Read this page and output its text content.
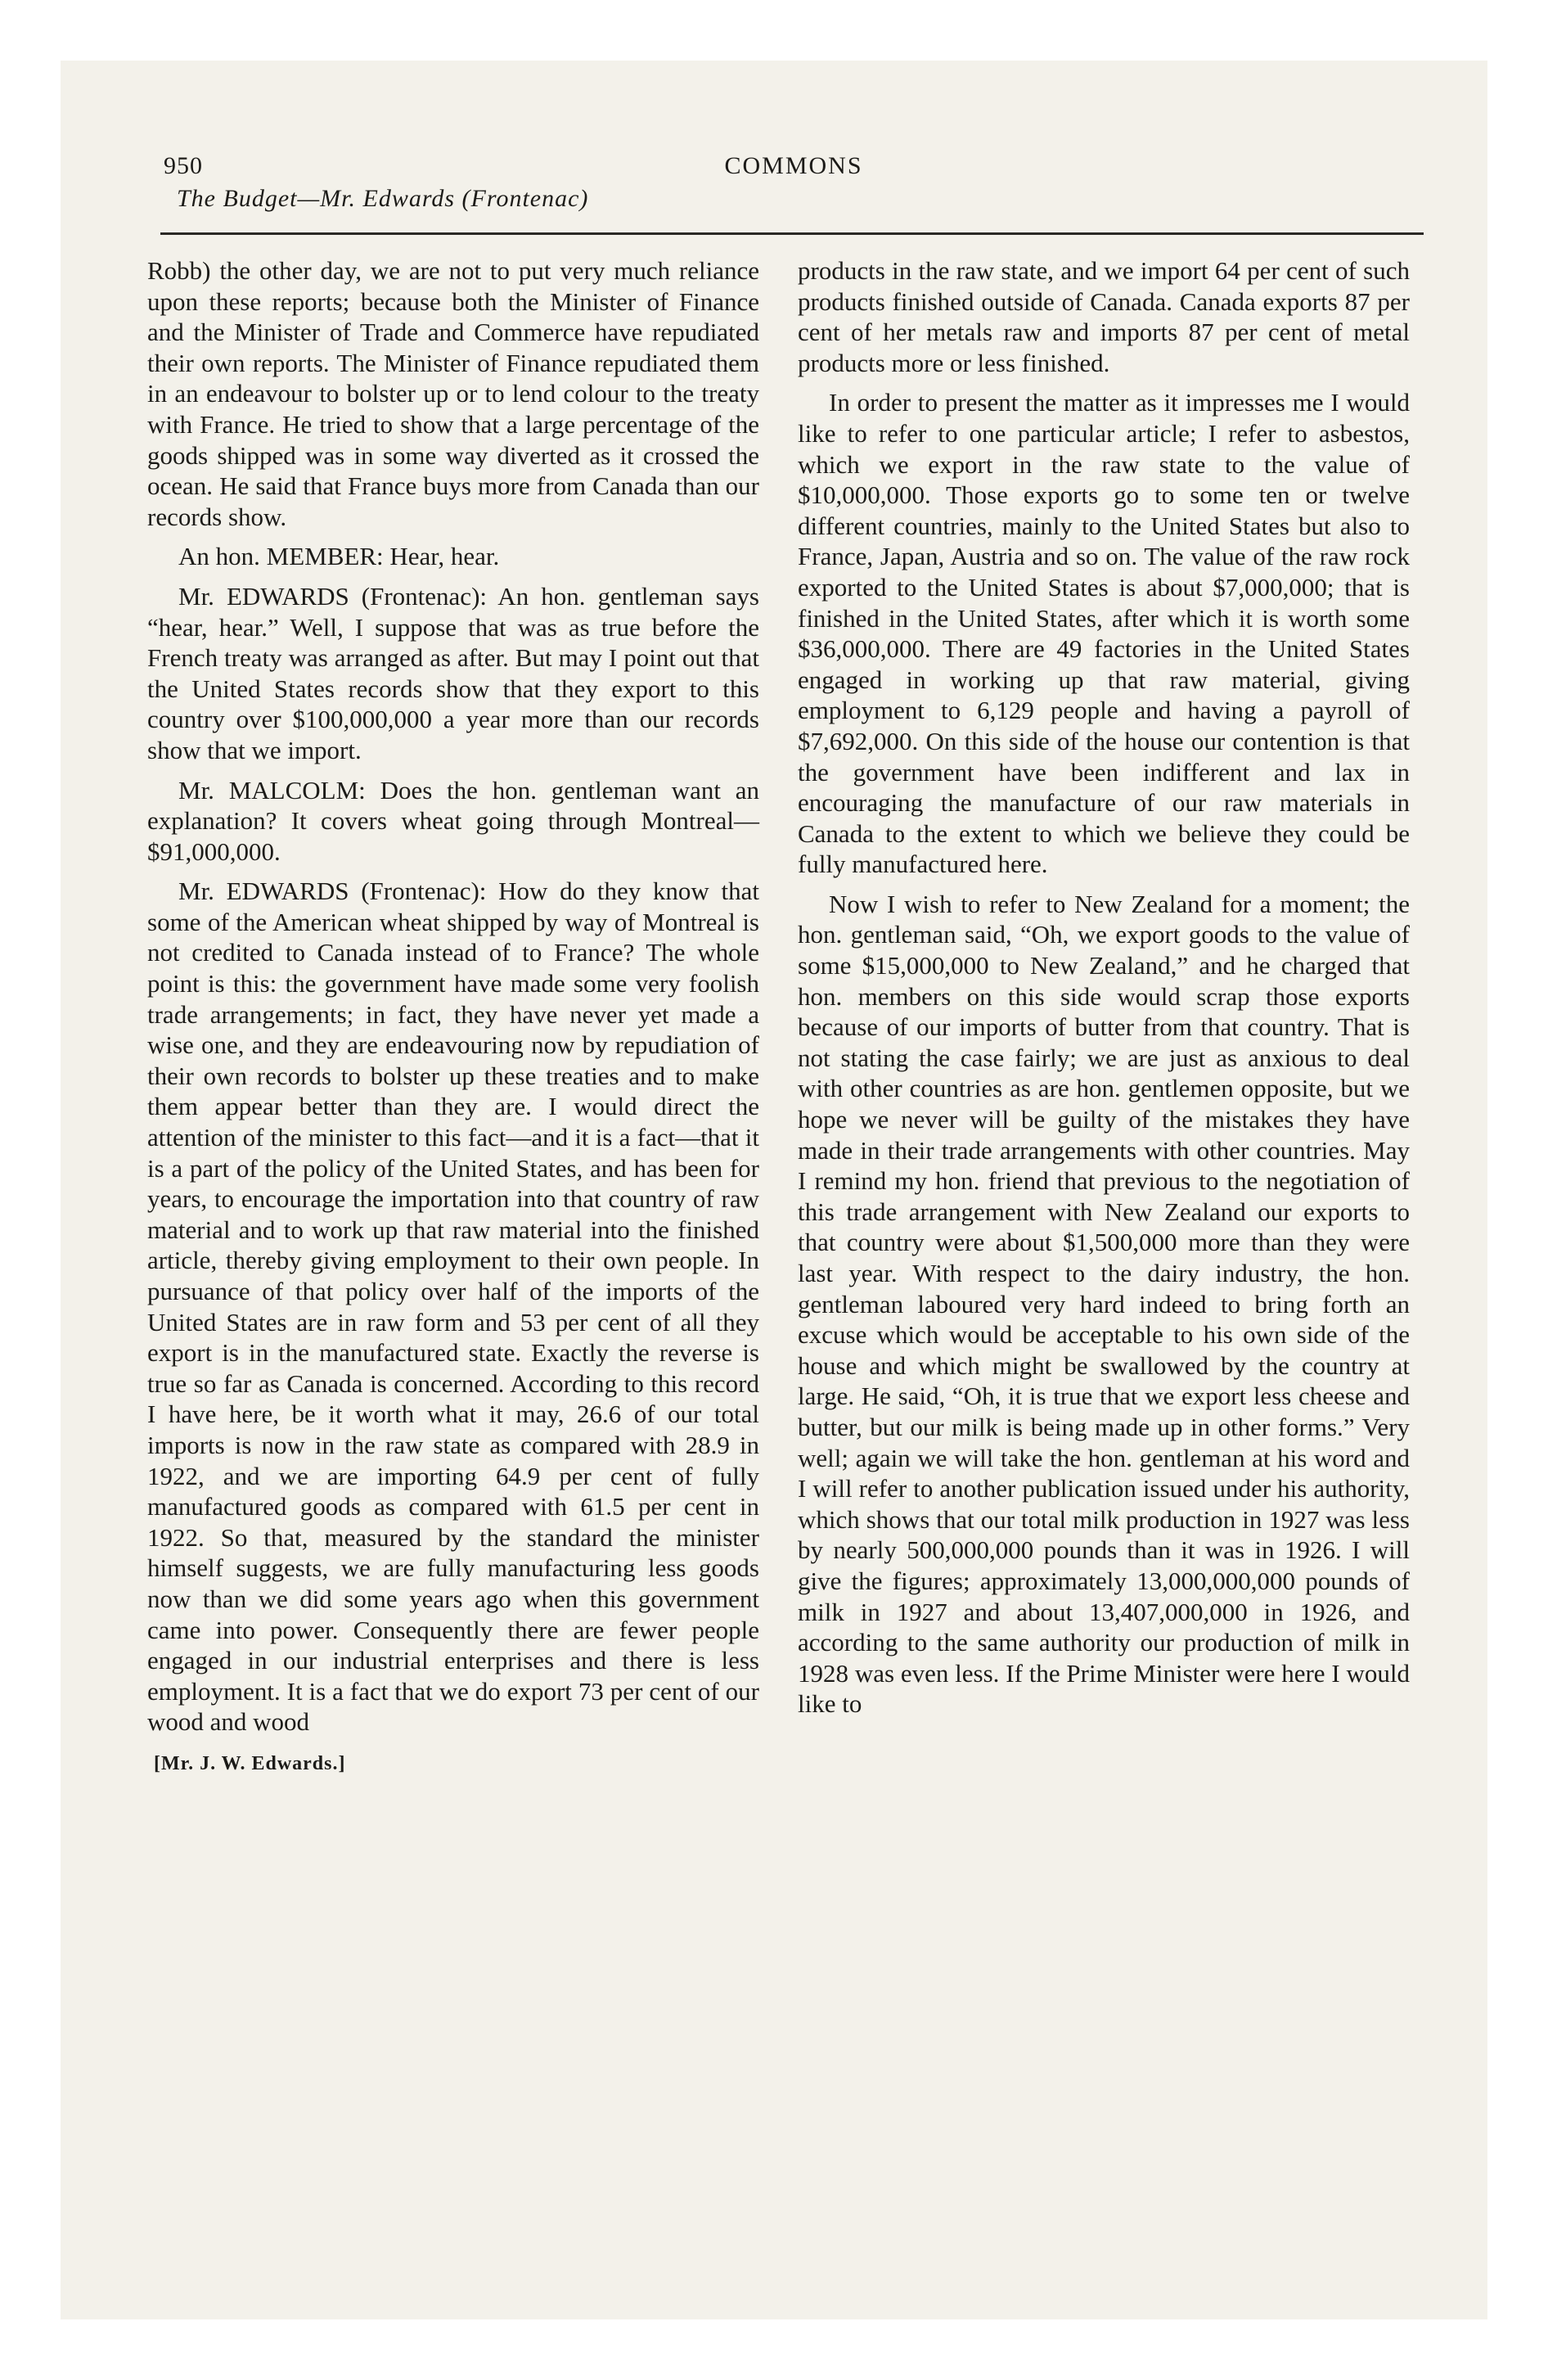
950	COMMONS
The Budget—Mr. Edwards (Frontenac)

Robb) the other day, we are not to put very much reliance upon these reports; because both the Minister of Finance and the Minister of Trade and Commerce have repudiated their own reports. The Minister of Finance repudiated them in an endeavour to bolster up or to lend colour to the treaty with France. He tried to show that a large percentage of the goods shipped was in some way diverted as it crossed the ocean. He said that France buys more from Canada than our records show.

An hon. MEMBER: Hear, hear.

Mr. EDWARDS (Frontenac): An hon. gentleman says “hear, hear.” Well, I suppose that was as true before the French treaty was arranged as after. But may I point out that the United States records show that they export to this country over $100,000,000 a year more than our records show that we import.

Mr. MALCOLM: Does the hon. gentleman want an explanation? It covers wheat going through Montreal—$91,000,000.

Mr. EDWARDS (Frontenac): How do they know that some of the American wheat shipped by way of Montreal is not credited to Canada instead of to France? The whole point is this: the government have made some very foolish trade arrangements; in fact, they have never yet made a wise one, and they are endeavouring now by repudiation of their own records to bolster up these treaties and to make them appear better than they are. I would direct the attention of the minister to this fact—and it is a fact—that it is a part of the policy of the United States, and has been for years, to encourage the importation into that country of raw material and to work up that raw material into the finished article, thereby giving employment to their own people. In pursuance of that policy over half of the imports of the United States are in raw form and 53 per cent of all they export is in the manufactured state. Exactly the reverse is true so far as Canada is concerned. According to this record I have here, be it worth what it may, 26.6 of our total imports is now in the raw state as compared with 28.9 in 1922, and we are importing 64.9 per cent of fully manufactured goods as compared with 61.5 per cent in 1922. So that, measured by the standard the minister himself suggests, we are fully manufacturing less goods now than we did some years ago when this government came into power. Consequently there are fewer people engaged in our industrial enterprises and there is less employment. It is a fact that we do export 73 per cent of our wood and wood

[Mr. J. W. Edwards.]

products in the raw state, and we import 64 per cent of such products finished outside of Canada. Canada exports 87 per cent of her metals raw and imports 87 per cent of metal products more or less finished.

In order to present the matter as it impresses me I would like to refer to one particular article; I refer to asbestos, which we export in the raw state to the value of $10,000,000. Those exports go to some ten or twelve different countries, mainly to the United States but also to France, Japan, Austria and so on. The value of the raw rock exported to the United States is about $7,000,000; that is finished in the United States, after which it is worth some $36,000,000. There are 49 factories in the United States engaged in working up that raw material, giving employment to 6,129 people and having a payroll of $7,692,000. On this side of the house our contention is that the government have been indifferent and lax in encouraging the manufacture of our raw materials in Canada to the extent to which we believe they could be fully manufactured here.

Now I wish to refer to New Zealand for a moment; the hon. gentleman said, “Oh, we export goods to the value of some $15,000,000 to New Zealand,” and he charged that hon. members on this side would scrap those exports because of our imports of butter from that country. That is not stating the case fairly; we are just as anxious to deal with other countries as are hon. gentlemen opposite, but we hope we never will be guilty of the mistakes they have made in their trade arrangements with other countries. May I remind my hon. friend that previous to the negotiation of this trade arrangement with New Zealand our exports to that country were about $1,500,000 more than they were last year. With respect to the dairy industry, the hon. gentleman laboured very hard indeed to bring forth an excuse which would be acceptable to his own side of the house and which might be swallowed by the country at large. He said, “Oh, it is true that we export less cheese and butter, but our milk is being made up in other forms.” Very well; again we will take the hon. gentleman at his word and I will refer to another publication issued under his authority, which shows that our total milk production in 1927 was less by nearly 500,000,000 pounds than it was in 1926. I will give the figures; approximately 13,000,000,000 pounds of milk in 1927 and about 13,407,000,000 in 1926, and according to the same authority our production of milk in 1928 was even less. If the Prime Minister were here I would like to
